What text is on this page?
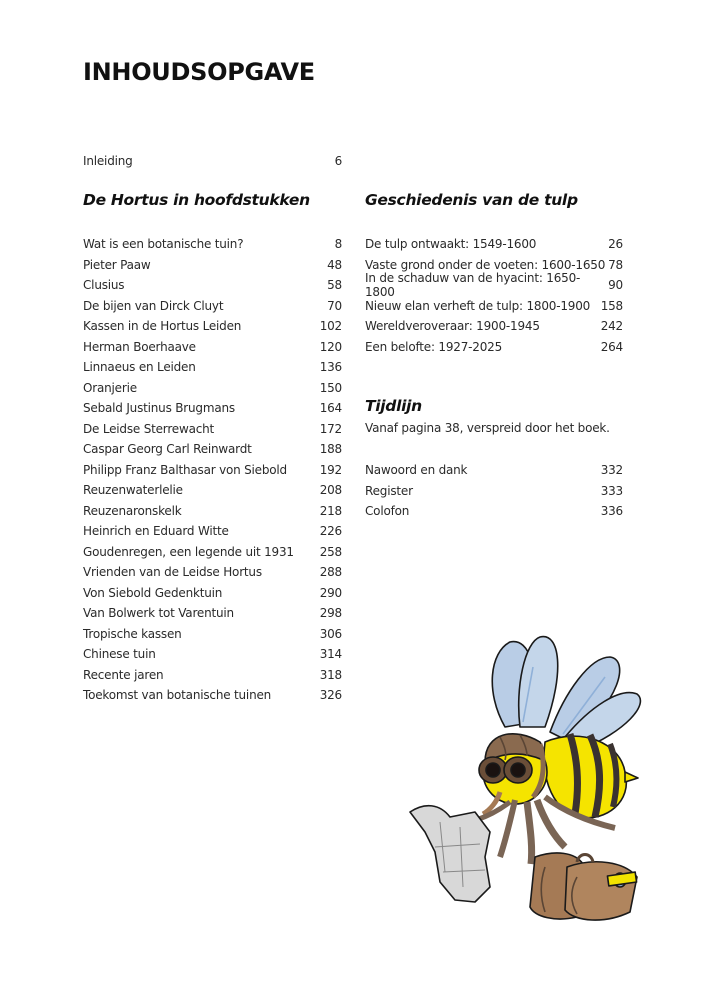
INHOUDSOPGAVE
Inleiding	6
De Hortus in hoofdstukken	Geschiedenis van de tulp
Wat is een botanische tuin?	8
Pieter Paaw	48
Clusius	58
De bijen van Dirck Cluyt	70
Kassen in de Hortus Leiden	102
Herman Boerhaave	120
Linnaeus en Leiden	136
Oranjerie	150
Sebald Justinus Brugmans	164
De Leidse Sterrewacht	172
Caspar Georg Carl Reinwardt	188
Philipp Franz Balthasar von Siebold	192
Reuzenwaterlelie	208
Reuzenaronskelk	218
Heinrich en Eduard Witte	226
Goudenregen, een legende uit 1931 258
Vrienden van de Leidse Hortus	288
Von Siebold Gedenktuin	290
Van Bolwerk tot Varentuin	298
Tropische kassen	306
Chinese tuin	314
Recente jaren	318
Toekomst van botanische tuinen	326
De tulp ontwaakt: 1549-1600	26
Vaste grond onder de voeten: 1600-1650 78
In de schaduw van de hyacint: 1650-1800	90
Nieuw elan verheft de tulp: 1800-1900 158
Wereldveroveraar: 1900-1945	242
Een belofte: 1927-2025	264
Tijdlijn
Vanaf pagina 38, verspreid door het boek.
Nawoord en dank	332
Register	333
Colofon	336
